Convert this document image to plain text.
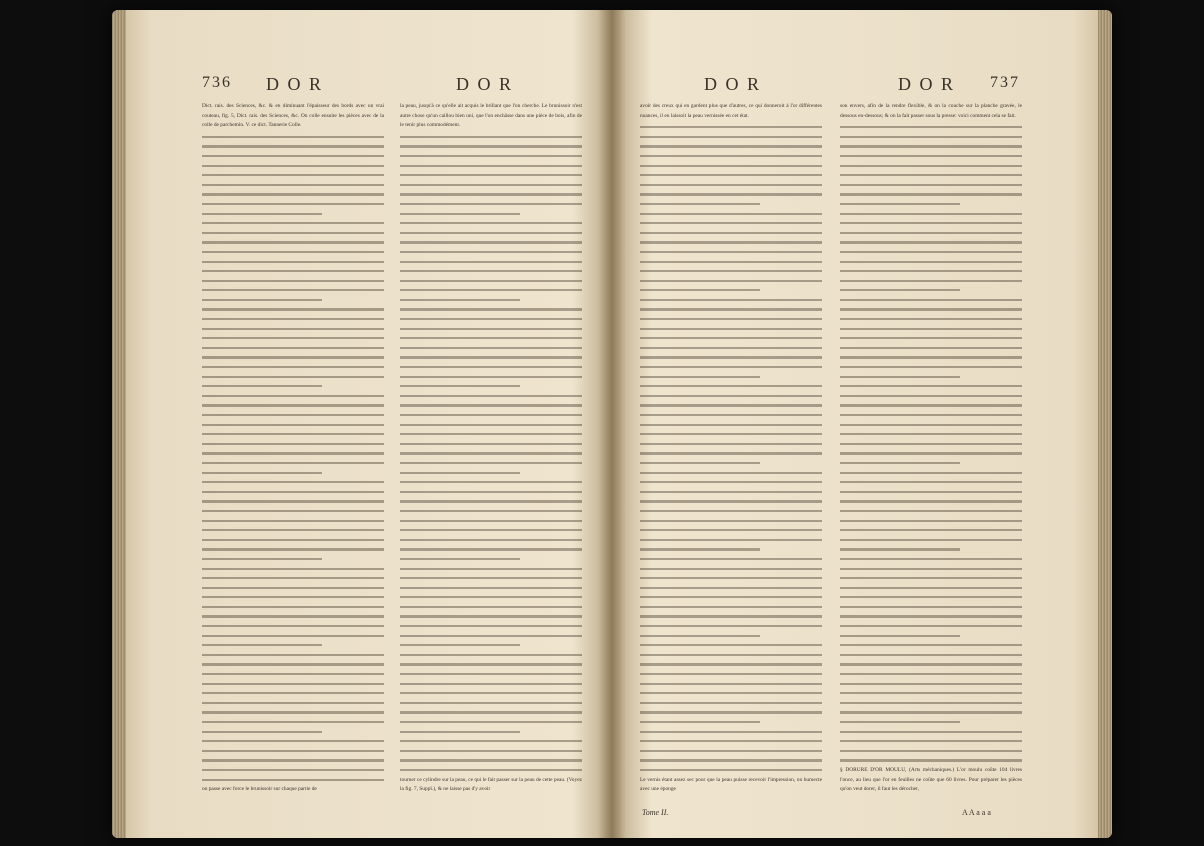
736 D O R	D O R
Dict. rais. des Sciences, &c. & en diminuant l'épaisseur des bords avec un vrai couteau, fig. 5, Dict. rais. des Sciences, &c. On colle ensuite les pièces avec de la colle de parchemin. V. ce dict. Tannerie Colle.
on passe avec force le brunissoir sur chaque partie de
la peau, jusqu'à ce qu'elle ait acquis le brillant que l'on cherche. Le brunissoir n'est autre chose qu'un caillou bien uni, que l'on enchâsse dans une pièce de bois, afin de le tenir plus commodément.
tourner ce cylindre sur la peau, ce qui le fait passer sur la peau de cette peau. (Voyez la fig. 7, Suppl.), & ne laisse pas d'y avoir
D O R	D O R 737
avoir des creux qui en gardent plus que d'autres, ce qui donneroit à l'or différentes nuances, il en laissoit la peau vernissée en cet état.
Le vernis étant assez sec pour que la peau puisse recevoir l'impression, on humecte avec une éponge
son envers, afin de la rendre flexible, & on la couche sur la planche gravée, le dessous en-dessous; & on la fait passer sous la presse: voici comment cela se fait.
§ DORURE D'OR MOULU, (Arts méchaniques.) L'or moulu coûte 104 livres l'once, au lieu que l'or en feuilles ne coûte que 60 livres. Pour préparer les pièces qu'on veut dorer, il faut les dérocher,
Tome II.	A A a a a
